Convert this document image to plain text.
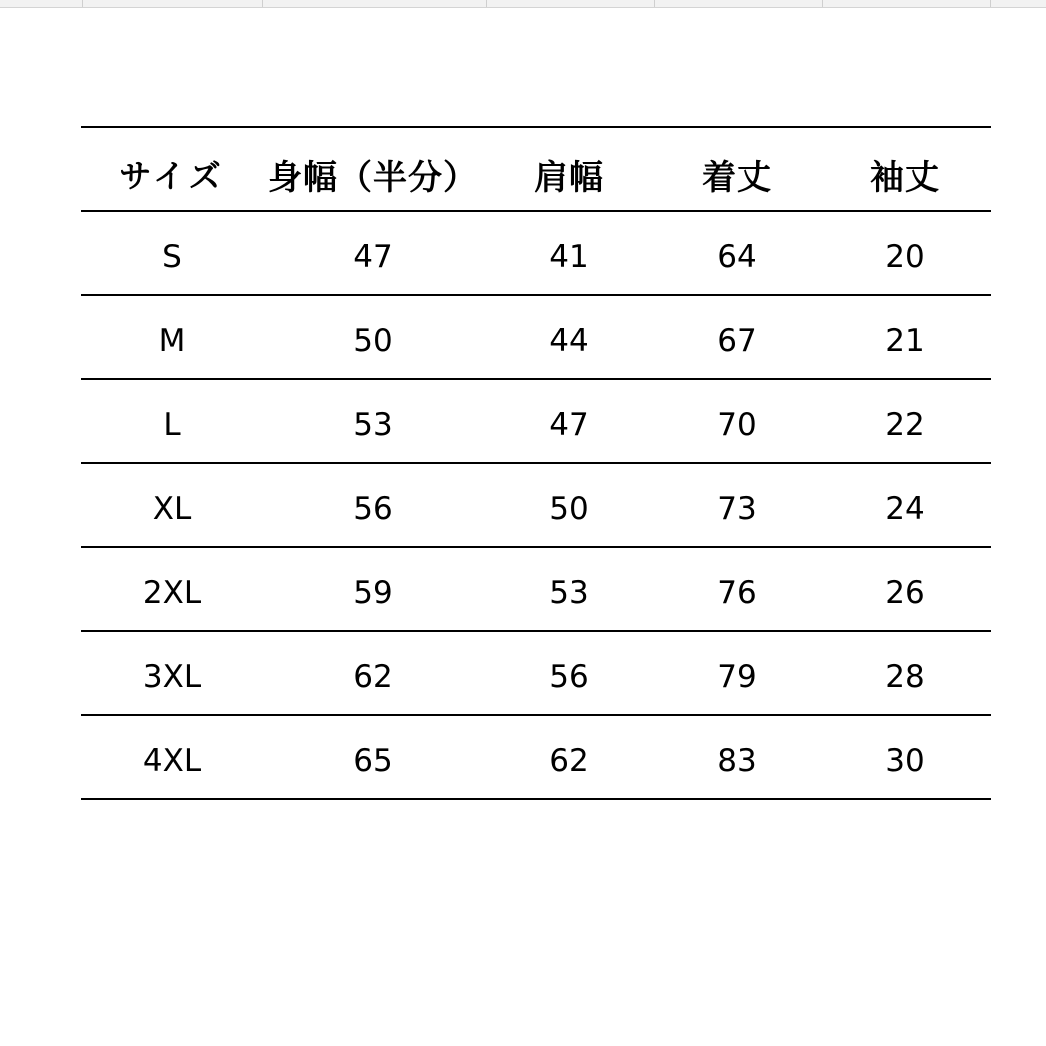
サイズ	身幅（半分）	肩幅	着丈	袖丈
S	47	41	64	20
M	50	44	67	21
L	53	47	70	22
XL	56	50	73	24
2XL	59	53	76	26
3XL	62	56	79	28
4XL	65	62	83	30
